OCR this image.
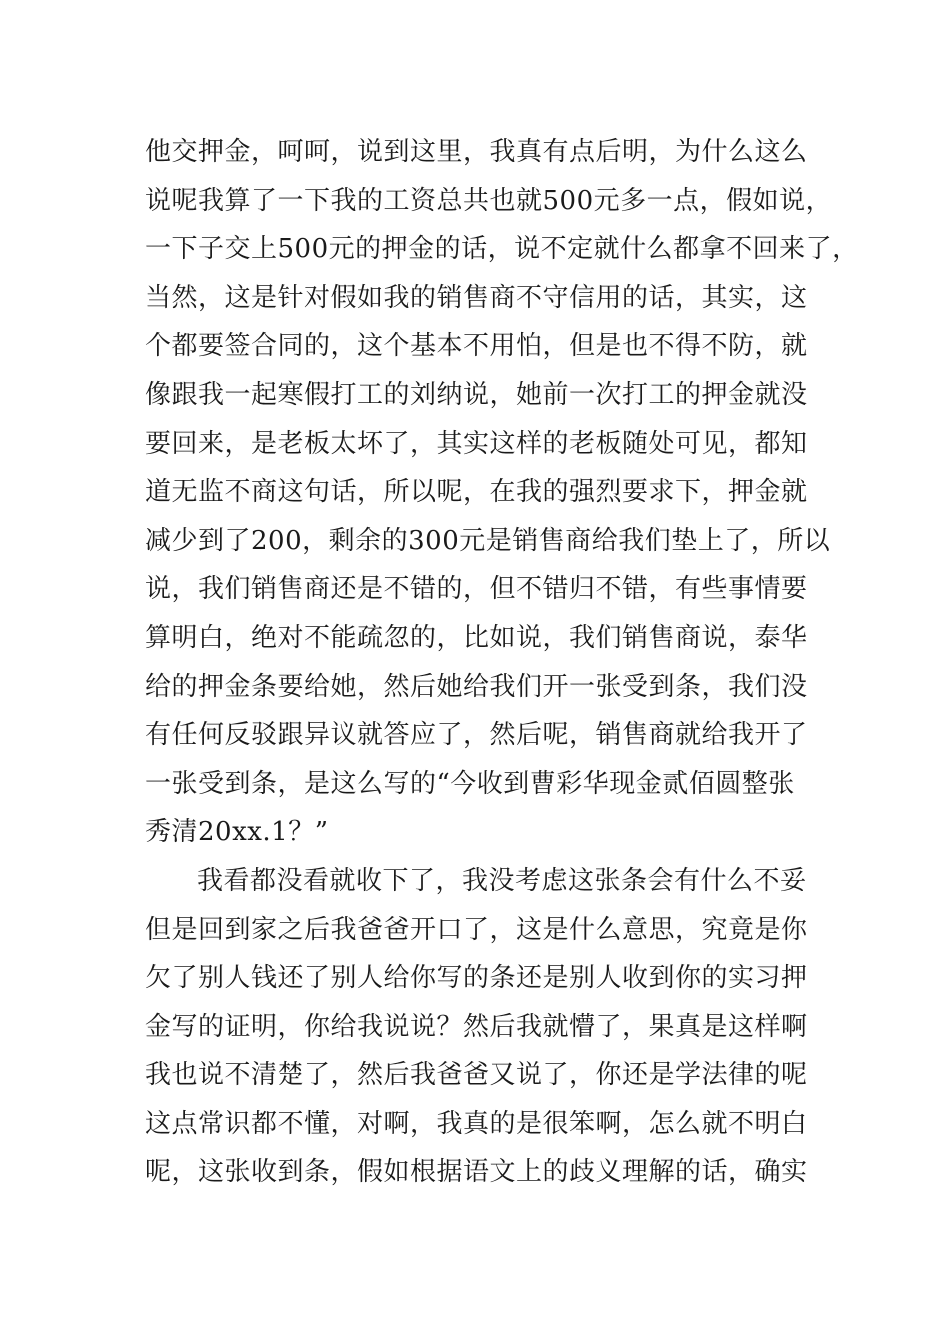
他交押金，呵呵，说到这里，我真有点后明，为什么这么
说呢我算了一下我的工资总共也就500元多一点，假如说，
一下子交上500元的押金的话，说不定就什么都拿不回来了，
当然，这是针对假如我的销售商不守信用的话，其实，这
个都要签合同的，这个基本不用怕，但是也不得不防，就
像跟我一起寒假打工的刘纳说，她前一次打工的押金就没
要回来，是老板太坏了，其实这样的老板随处可见，都知
道无监不商这句话，所以呢，在我的强烈要求下，押金就
减少到了200，剩余的300元是销售商给我们垫上了，所以
说，我们销售商还是不错的，但不错归不错，有些事情要
算明白，绝对不能疏忽的，比如说，我们销售商说，泰华
给的押金条要给她，然后她给我们开一张受到条，我们没
有任何反驳跟异议就答应了，然后呢，销售商就给我开了
一张受到条，是这么写的“今收到曹彩华现金贰佰圆整张
秀清20xx.1？”
我看都没看就收下了，我没考虑这张条会有什么不妥
但是回到家之后我爸爸开口了，这是什么意思，究竟是你
欠了别人钱还了别人给你写的条还是别人收到你的实习押
金写的证明，你给我说说？然后我就懵了，果真是这样啊
我也说不清楚了，然后我爸爸又说了，你还是学法律的呢
这点常识都不懂，对啊，我真的是很笨啊，怎么就不明白
呢，这张收到条，假如根据语文上的歧义理解的话，确实
